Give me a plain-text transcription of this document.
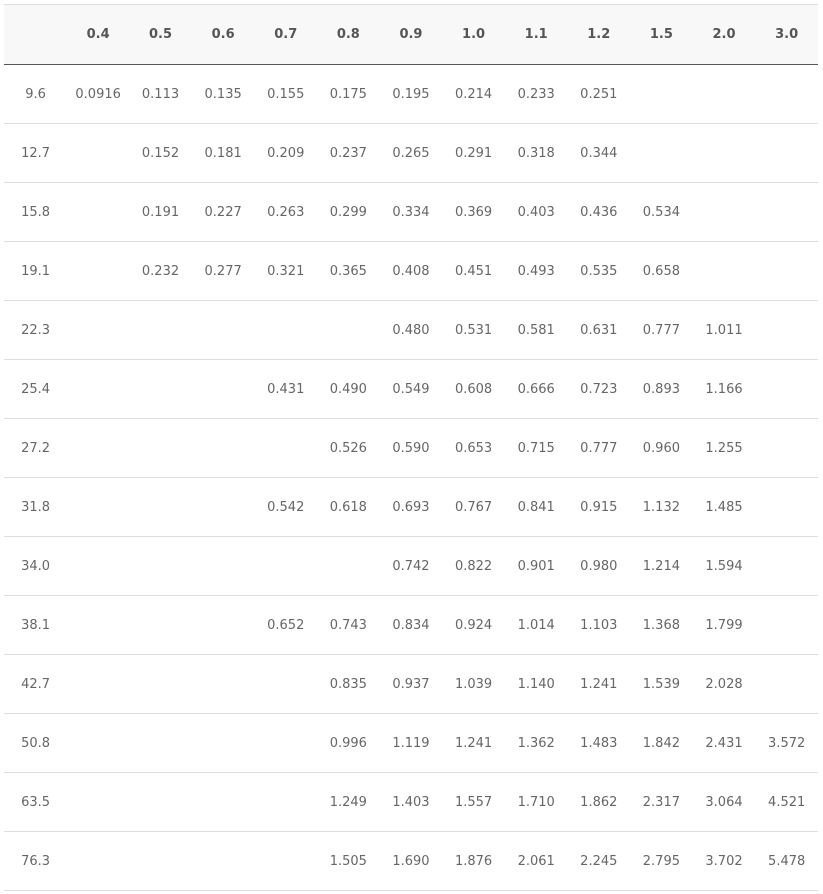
	0.4	0.5	0.6	0.7	0.8	0.9	1.0	1.1	1.2	1.5	2.0	3.0
9.6	0.0916	0.113	0.135	0.155	0.175	0.195	0.214	0.233	0.251			
12.7		0.152	0.181	0.209	0.237	0.265	0.291	0.318	0.344			
15.8		0.191	0.227	0.263	0.299	0.334	0.369	0.403	0.436	0.534		
19.1		0.232	0.277	0.321	0.365	0.408	0.451	0.493	0.535	0.658		
22.3						0.480	0.531	0.581	0.631	0.777	1.011	
25.4				0.431	0.490	0.549	0.608	0.666	0.723	0.893	1.166	
27.2					0.526	0.590	0.653	0.715	0.777	0.960	1.255	
31.8				0.542	0.618	0.693	0.767	0.841	0.915	1.132	1.485	
34.0						0.742	0.822	0.901	0.980	1.214	1.594	
38.1				0.652	0.743	0.834	0.924	1.014	1.103	1.368	1.799	
42.7					0.835	0.937	1.039	1.140	1.241	1.539	2.028	
50.8					0.996	1.119	1.241	1.362	1.483	1.842	2.431	3.572
63.5					1.249	1.403	1.557	1.710	1.862	2.317	3.064	4.521
76.3					1.505	1.690	1.876	2.061	2.245	2.795	3.702	5.478
